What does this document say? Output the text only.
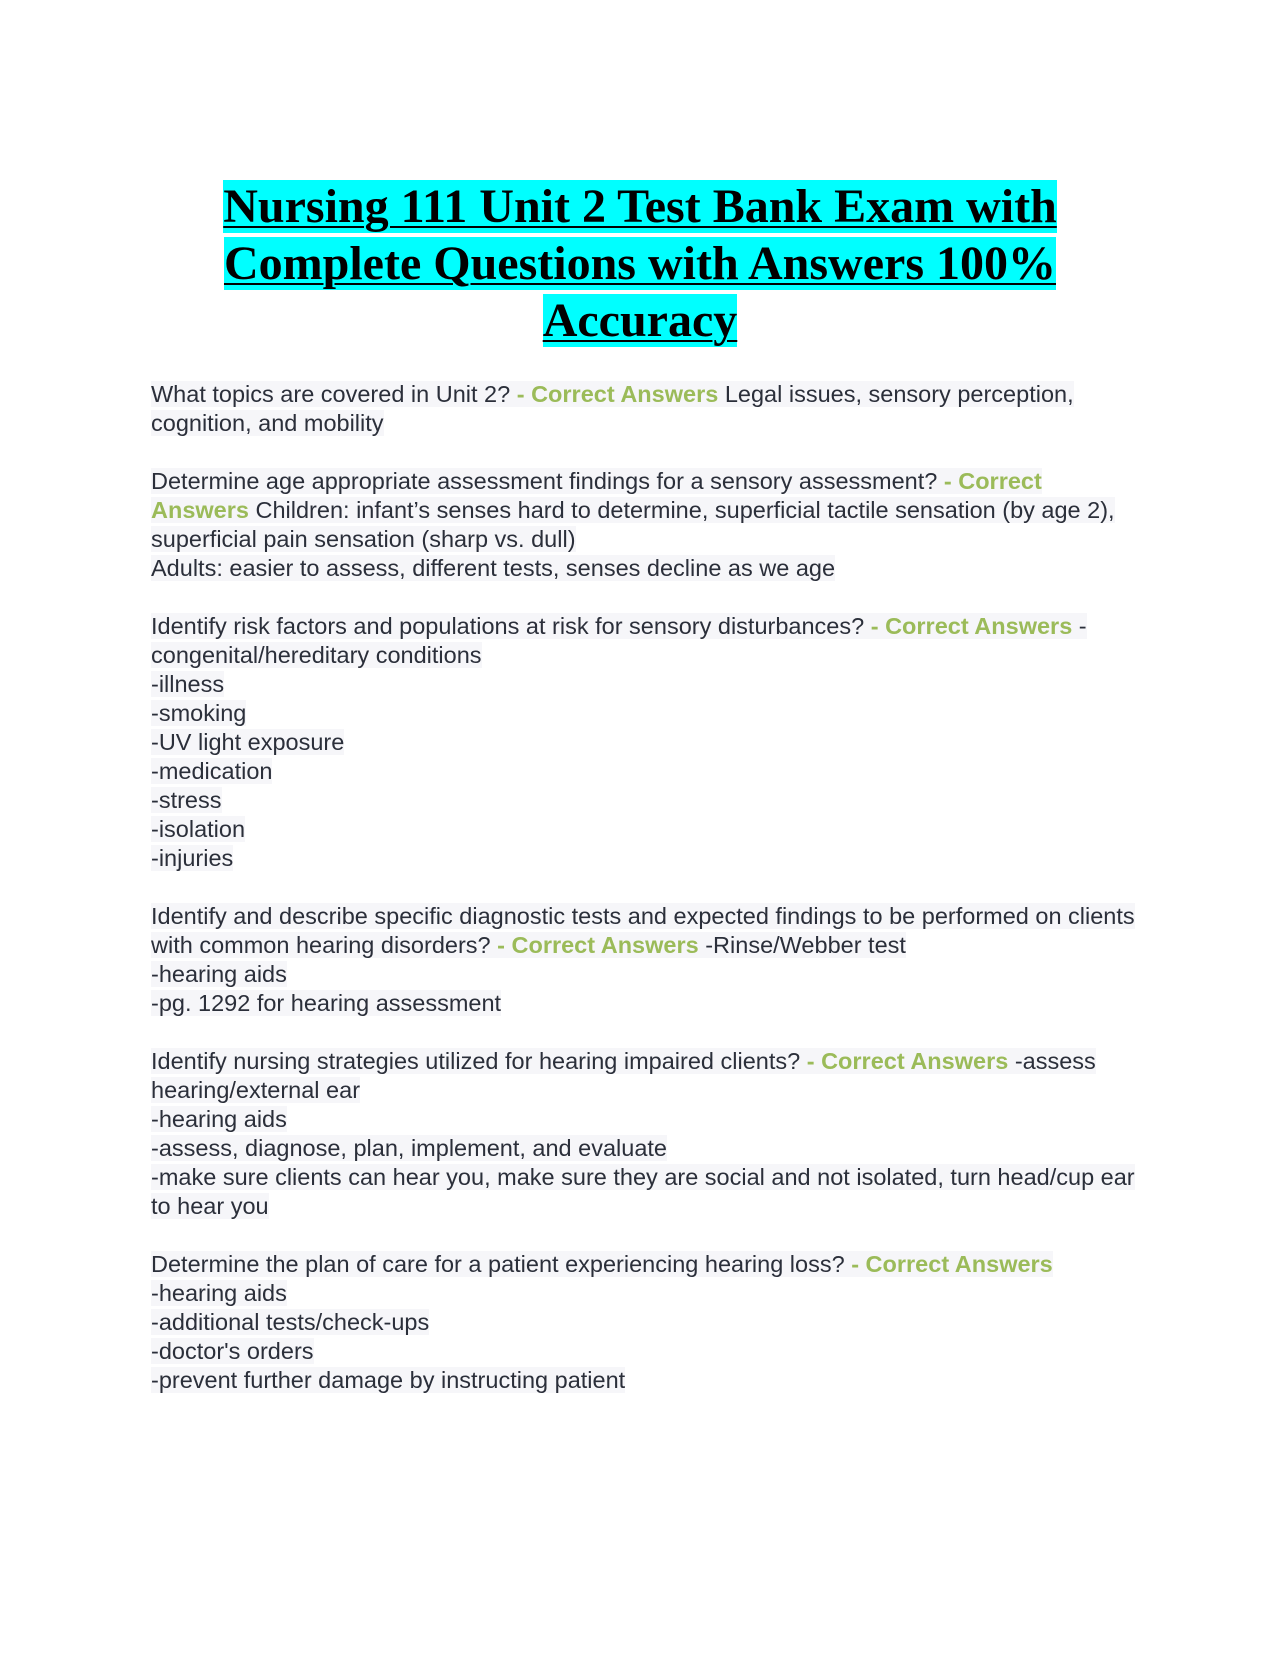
Nursing 111 Unit 2 Test Bank Exam with
Complete Questions with Answers 100%
Accuracy
What topics are covered in Unit 2? - Correct Answers Legal issues, sensory perception, cognition, and mobility
Determine age appropriate assessment findings for a sensory assessment? - Correct Answers Children: infant’s senses hard to determine, superficial tactile sensation (by age 2), superficial pain sensation (sharp vs. dull)
Adults: easier to assess, different tests, senses decline as we age
Identify risk factors and populations at risk for sensory disturbances? - Correct Answers -congenital/hereditary conditions
-illness
-smoking
-UV light exposure
-medication
-stress
-isolation
-injuries
Identify and describe specific diagnostic tests and expected findings to be performed on clients with common hearing disorders? - Correct Answers -Rinse/Webber test
-hearing aids
-pg. 1292 for hearing assessment
Identify nursing strategies utilized for hearing impaired clients? - Correct Answers -assess hearing/external ear
-hearing aids
-assess, diagnose, plan, implement, and evaluate
-make sure clients can hear you, make sure they are social and not isolated, turn head/cup ear to hear you
Determine the plan of care for a patient experiencing hearing loss? - Correct Answers
-hearing aids
-additional tests/check-ups
-doctor's orders
-prevent further damage by instructing patient
